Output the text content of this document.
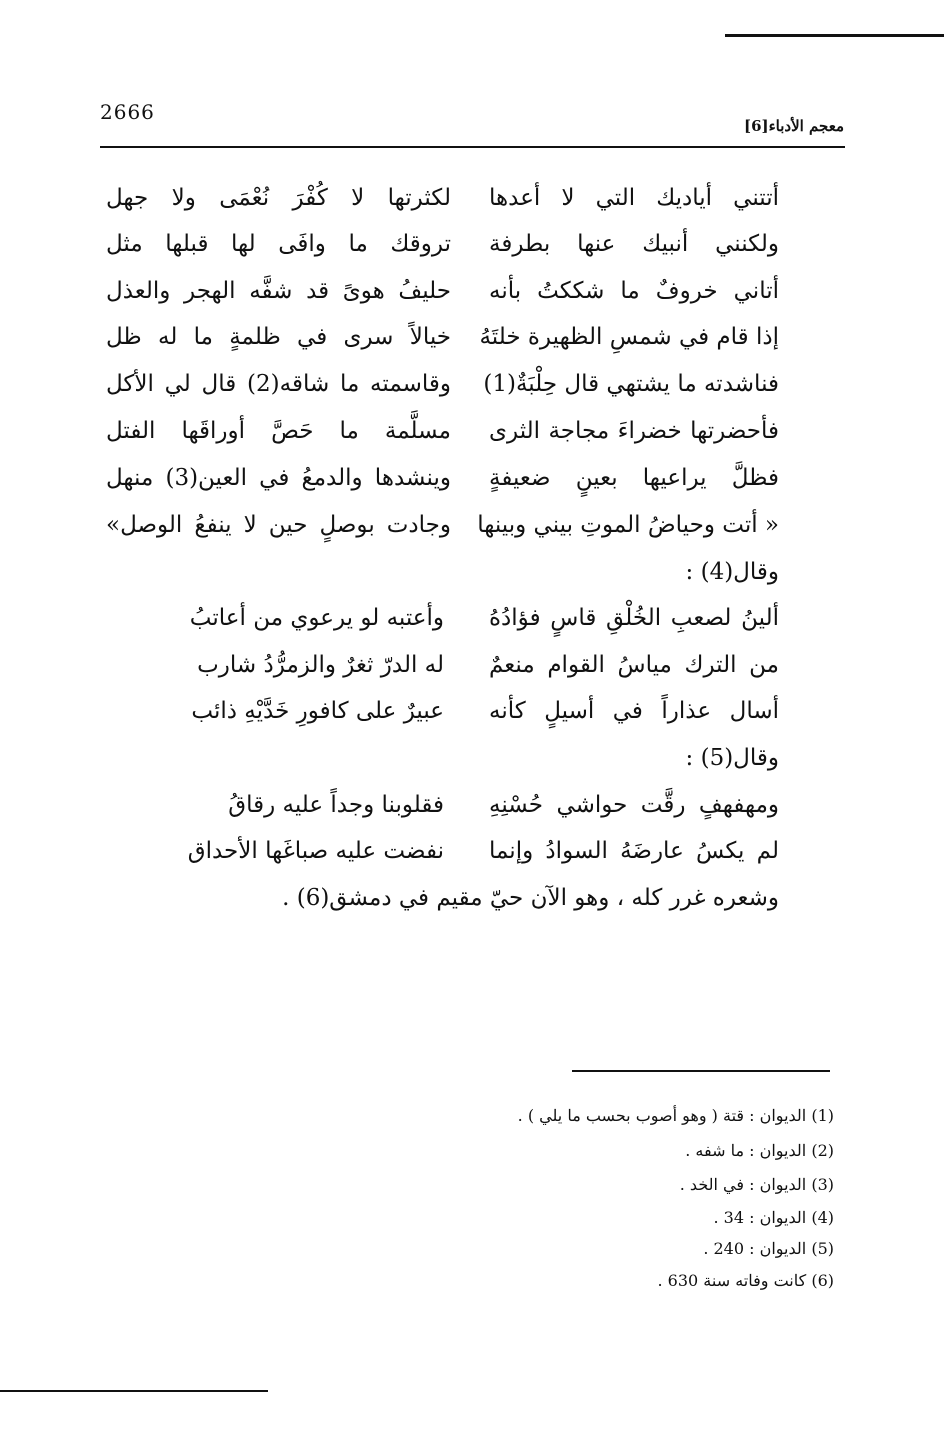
2666
معجم الأدباء[6]
أتتني أياديك التي لا أعدها
لكثرتها لا كُفْرَ نُعْمَى ولا جهل
ولكنني أنبيك عنها بطرفة
تروقك ما وافَى لها قبلها مثل
أتاني خروفٌ ما شككتُ بأنه
حليفُ هوىً قد شفَّه الهجر والعذل
إذا قام في شمسِ الظهيرة خلتَهُ
خيالاً سرى في ظلمةٍ ما له ظل
فناشدته ما يشتهي قال حِلْبَةٌ(1)
وقاسمته ما شاقه(2) قال لي الأكل
فأحضرتها خضراءَ مجاجة الثرى
مسلَّمة ما حَصَّ أوراقَها الفتل
فظلَّ يراعيها بعينٍ ضعيفةٍ
وينشدها والدمعُ في العين(3) منهل
« أتت وحياضُ الموتِ بيني وبينها
وجادت بوصلٍ حين لا ينفعُ الوصل»
وقال(4) :
ألينُ لصعبِ الخُلْقِ قاسٍ فؤادُهُ
وأعتبه لو يرعوي من أعاتبُ
من الترك مياسُ القوام منعمٌ
له الدرّ ثغرٌ والزمرُّدُ شارب
أسال عذاراً في أسيلٍ كأنه
عبيرٌ على كافورِ خَدَّيْهِ ذائب
وقال(5) :
ومهفهفٍ رقَّت حواشي حُسْنِهِ
فقلوبنا وجداً عليه رقاقُ
لم يكسُ عارضَهُ السوادُ وإنما
نفضت عليه صباغَها الأحداق
وشعره غرر كله ، وهو الآن حيّ مقيم في دمشق(6) .
(1) الديوان : قتة ( وهو أصوب بحسب ما يلي ) .
(2) الديوان : ما شفه .
(3) الديوان : في الخد .
(4) الديوان : 34 .
(5) الديوان : 240 .
(6) كانت وفاته سنة 630 .
